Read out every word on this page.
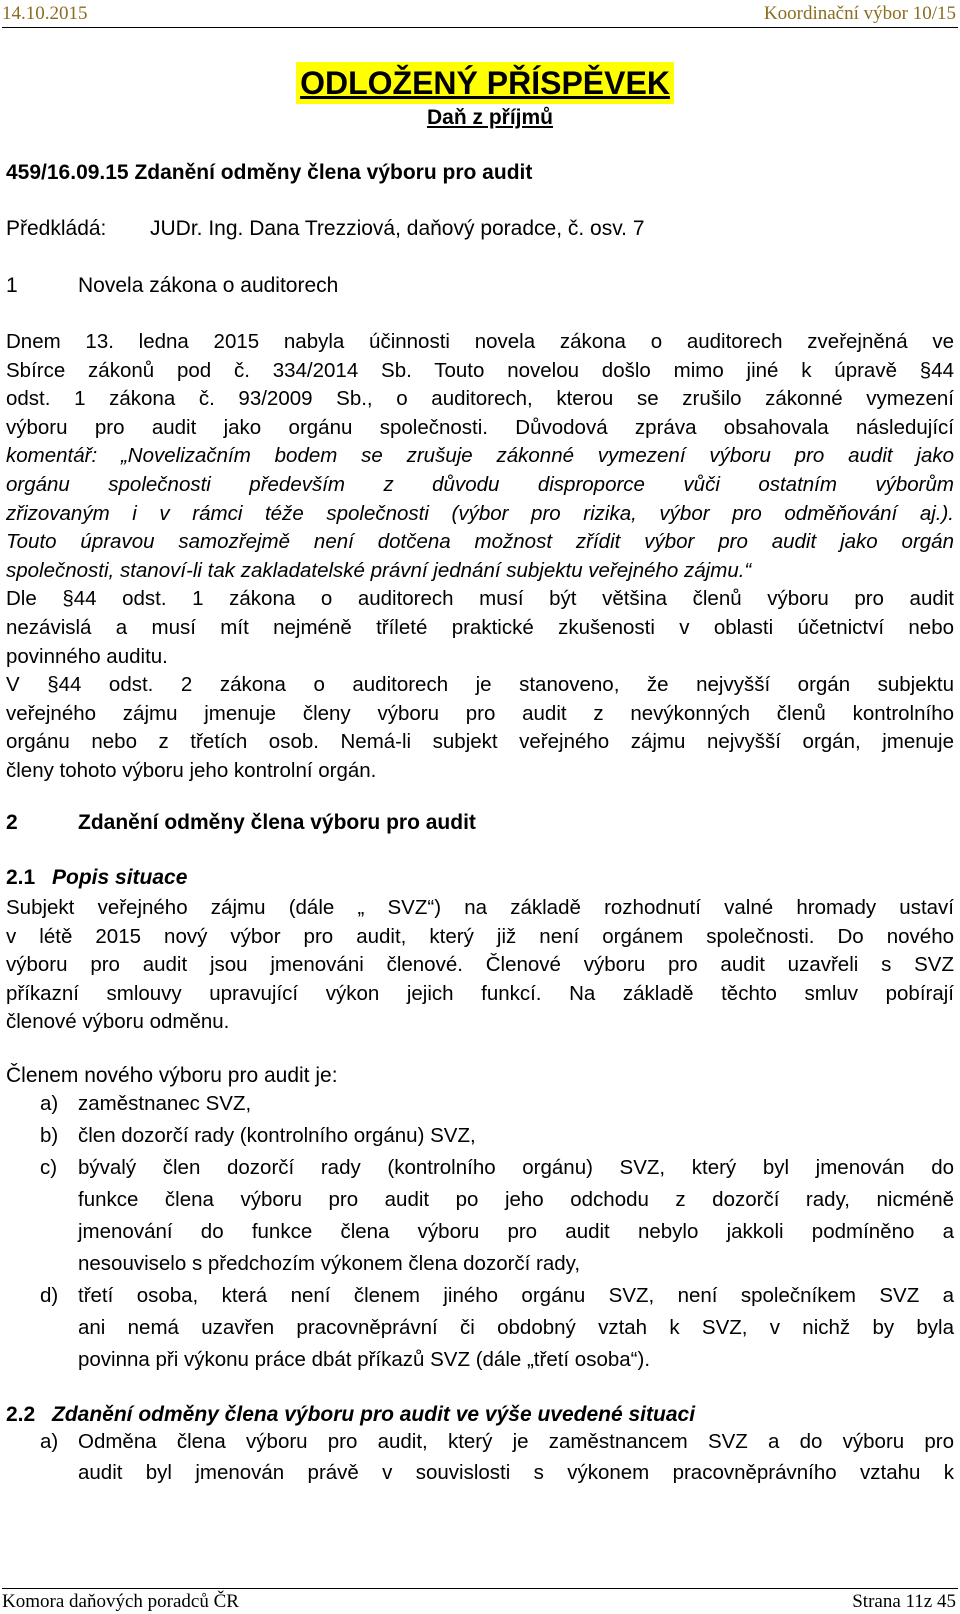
14.10.2015	Koordinační výbor 10/15
ODLOŽENÝ PŘÍSPĚVEK
Daň z příjmů
459/16.09.15 Zdanění odměny člena výboru pro audit
Předkládá: JUDr. Ing. Dana Trezziová, daňový poradce, č. osv. 7
1	Novela zákona o auditorech
Dnem 13. ledna 2015 nabyla účinnosti novela zákona o auditorech zveřejněná ve
Sbírce zákonů pod č. 334/2014 Sb. Touto novelou došlo mimo jiné k úpravě §44
odst. 1 zákona č. 93/2009 Sb., o auditorech, kterou se zrušilo zákonné vymezení
výboru pro audit jako orgánu společnosti. Důvodová zpráva obsahovala následující
komentář: „Novelizačním bodem se zrušuje zákonné vymezení výboru pro audit jako
orgánu společnosti především z důvodu disproporce vůči ostatním výborům
zřizovaným i v rámci téže společnosti (výbor pro rizika, výbor pro odměňování aj.).
Touto úpravou samozřejmě není dotčena možnost zřídit výbor pro audit jako orgán
společnosti, stanoví-li tak zakladatelské právní jednání subjektu veřejného zájmu.“
Dle §44 odst. 1 zákona o auditorech musí být většina členů výboru pro audit
nezávislá a musí mít nejméně tříleté praktické zkušenosti v oblasti účetnictví nebo
povinného auditu.
V §44 odst. 2 zákona o auditorech je stanoveno, že nejvyšší orgán subjektu
veřejného zájmu jmenuje členy výboru pro audit z nevýkonných členů kontrolního
orgánu nebo z třetích osob. Nemá-li subjekt veřejného zájmu nejvyšší orgán, jmenuje
členy tohoto výboru jeho kontrolní orgán.
2	Zdanění odměny člena výboru pro audit
2.1 Popis situace
Subjekt veřejného zájmu (dále „ SVZ“) na základě rozhodnutí valné hromady ustaví
v létě 2015 nový výbor pro audit, který již není orgánem společnosti. Do nového
výboru pro audit jsou jmenováni členové. Členové výboru pro audit uzavřeli s SVZ
příkazní smlouvy upravující výkon jejich funkcí. Na základě těchto smluv pobírají
členové výboru odměnu.
Členem nového výboru pro audit je:
a) zaměstnanec SVZ,
b) člen dozorčí rady (kontrolního orgánu) SVZ,
c) bývalý člen dozorčí rady (kontrolního orgánu) SVZ, který byl jmenován do
funkce člena výboru pro audit po jeho odchodu z dozorčí rady, nicméně
jmenování do funkce člena výboru pro audit nebylo jakkoli podmíněno a
nesouviselo s předchozím výkonem člena dozorčí rady,
d) třetí osoba, která není členem jiného orgánu SVZ, není společníkem SVZ a
ani nemá uzavřen pracovněprávní či obdobný vztah k SVZ, v nichž by byla
povinna při výkonu práce dbát příkazů SVZ (dále „třetí osoba“).
2.2 Zdanění odměny člena výboru pro audit ve výše uvedené situaci
a) Odměna člena výboru pro audit, který je zaměstnancem SVZ a do výboru pro
audit byl jmenován právě v souvislosti s výkonem pracovněprávního vztahu k
Komora daňových poradců ČR	Strana 11z 45
